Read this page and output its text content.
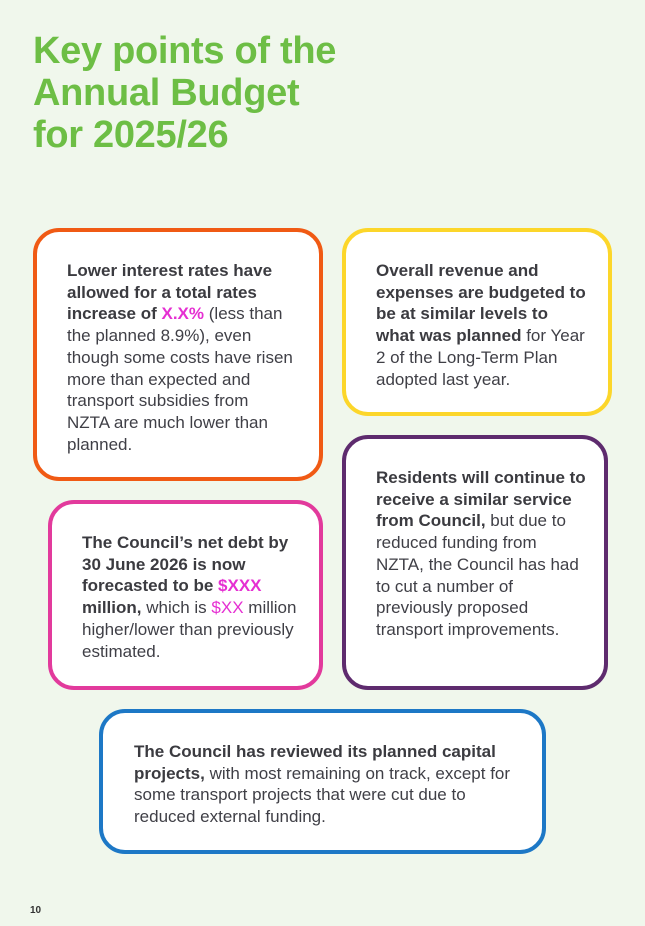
Key points of the
Annual Budget
for 2025/26

Lower interest rates have allowed for a total rates increase of X.X% (less than the planned 8.9%), even though some costs have risen more than expected and transport subsidies from NZTA are much lower than planned.

Overall revenue and expenses are budgeted to be at similar levels to what was planned for Year 2 of the Long-Term Plan adopted last year.

The Council’s net debt by 30 June 2026 is now forecasted to be $XXX million, which is $XX million higher/lower than previously estimated.

Residents will continue to receive a similar service from Council, but due to reduced funding from NZTA, the Council has had to cut a number of previously proposed transport improvements.

The Council has reviewed its planned capital projects, with most remaining on track, except for some transport projects that were cut due to reduced external funding.

10
